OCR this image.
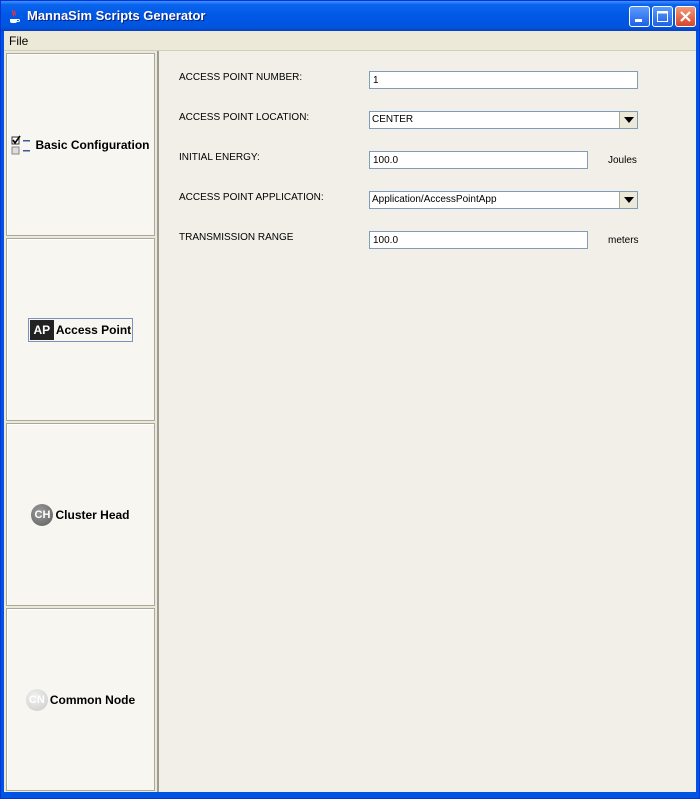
MannaSim Scripts Generator
File
Basic Configuration
AP Access Point
CH Cluster Head
CN Common Node
ACCESS POINT NUMBER:
1
ACCESS POINT LOCATION:	CENTER
INITIAL ENERGY:
100.0	Joules
ACCESS POINT APPLICATION:	Application/AccessPointApp
TRANSMISSION RANGE
100.0	meters
